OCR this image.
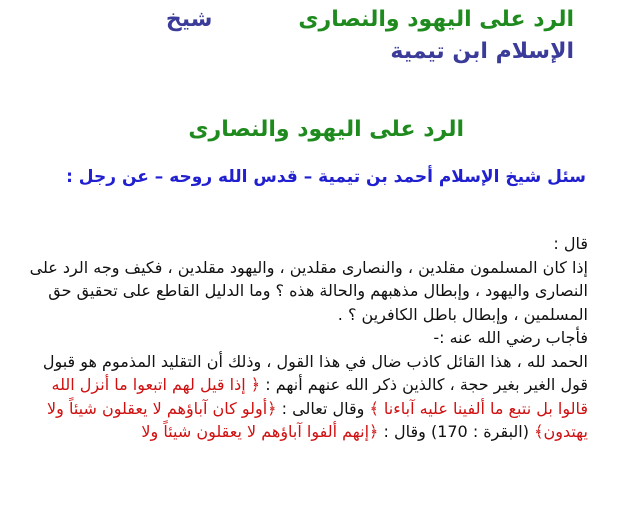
الرد على اليهود والنصارىشيخ
الإسلام ابن تيمية
الرد على اليهود والنصارى
سئل شيخ الإسلام أحمد بن تيمية – قدس الله روحه – عن رجل :

قال :

إذا كان المسلمون مقلدين ، والنصارى مقلدين ، واليهود مقلدين ، فكيف وجه الرد على النصارى واليهود ، وإبطال مذهبهم والحالة هذه ؟ وما الدليل القاطع على تحقيق حق المسلمين ، وإبطال باطل الكافرين ؟ .

فأجاب رضي الله عنه :-

الحمد لله ، هذا القائل كاذب ضال في هذا القول ، وذلك أن التقليد المذموم هو قبول قول الغير بغير حجة ، كالذين ذكر الله عنهم أنهم : ﴿ إذا قيل لهم اتبعوا ما أنزل الله قالوا بل نتبع ما ألفينا عليه آباءنا ﴾ وقال تعالى : ﴿أولو كان آباؤهم لا يعقلون شيئاً ولا يهتدون﴾ (البقرة : 170) وقال : ﴿إنهم ألفوا آباؤهم لا يعقلون شيئاً ولا
